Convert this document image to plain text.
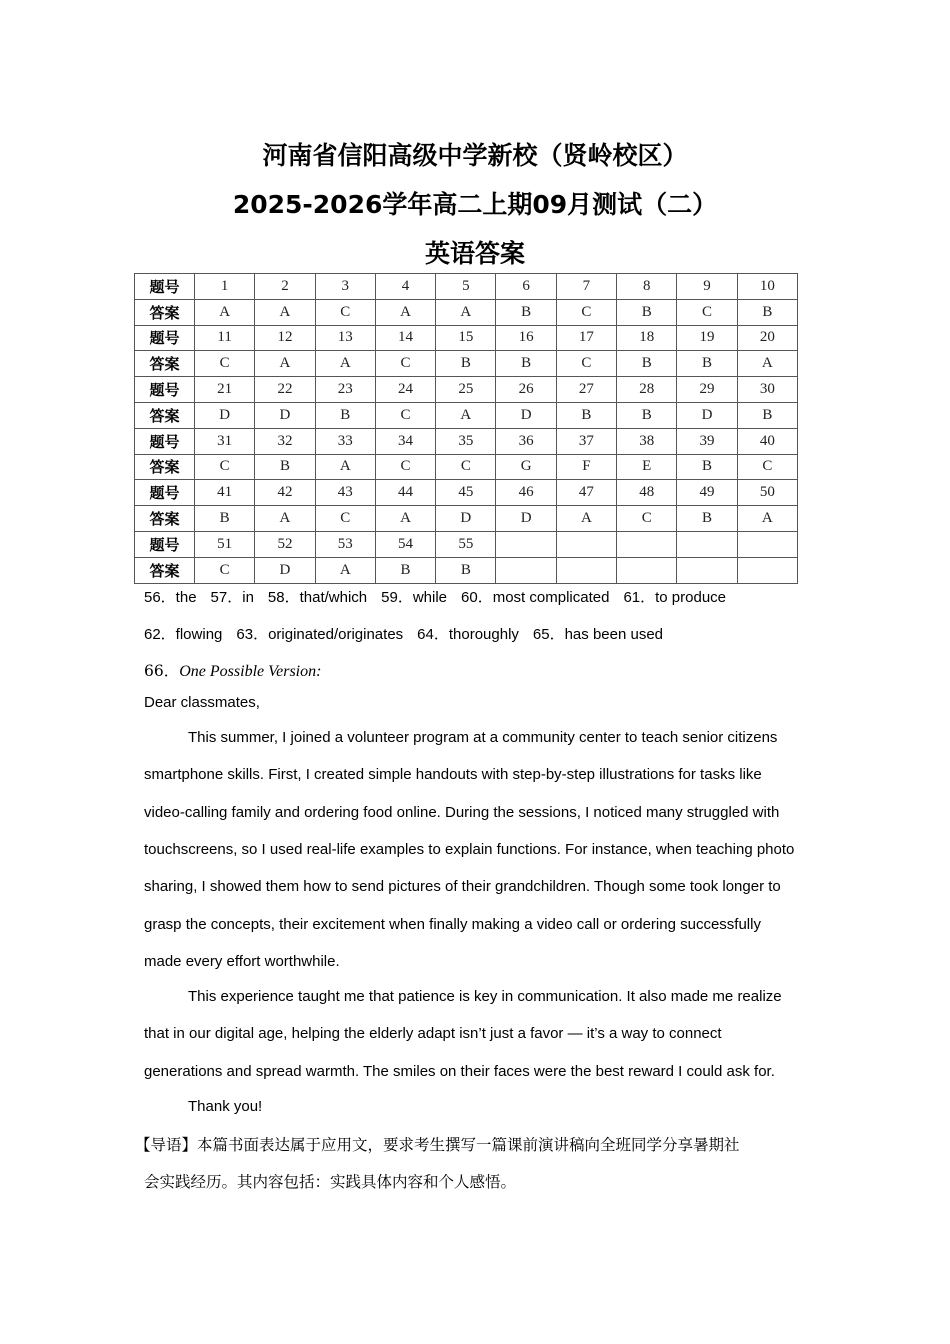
河南省信阳高级中学新校（贤岭校区）
2025-2026学年高二上期09月测试（二）
英语答案
题号	1	2	3	4	5	6	7	8	9	10
答案	A	A	C	A	A	B	C	B	C	B
题号	11	12	13	14	15	16	17	18	19	20
答案	C	A	A	C	B	B	C	B	B	A
题号	21	22	23	24	25	26	27	28	29	30
答案	D	D	B	C	A	D	B	B	D	B
题号	31	32	33	34	35	36	37	38	39	40
答案	C	B	A	C	C	G	F	E	B	C
题号	41	42	43	44	45	46	47	48	49	50
答案	B	A	C	A	D	D	A	C	B	A
题号	51	52	53	54	55					
答案	C	D	A	B	B					
56．the 57．in 58．that/which 59．while 60．most complicated 61．to produce
62．flowing 63．originated/originates 64．thoroughly 65．has been used
66．One Possible Version:
Dear classmates,
This summer, I joined a volunteer program at a community center to teach senior citizens
smartphone skills. First, I created simple handouts with step-by-step illustrations for tasks like
video-calling family and ordering food online. During the sessions, I noticed many struggled with
touchscreens, so I used real-life examples to explain functions. For instance, when teaching photo
sharing, I showed them how to send pictures of their grandchildren. Though some took longer to
grasp the concepts, their excitement when finally making a video call or ordering successfully
made every effort worthwhile.
This experience taught me that patience is key in communication. It also made me realize
that in our digital age, helping the elderly adapt isn’t just a favor — it’s a way to connect
generations and spread warmth. The smiles on their faces were the best reward I could ask for.
Thank you!
【导语】本篇书面表达属于应用文，要求考生撰写一篇课前演讲稿向全班同学分享暑期社
会实践经历。其内容包括：实践具体内容和个人感悟。
